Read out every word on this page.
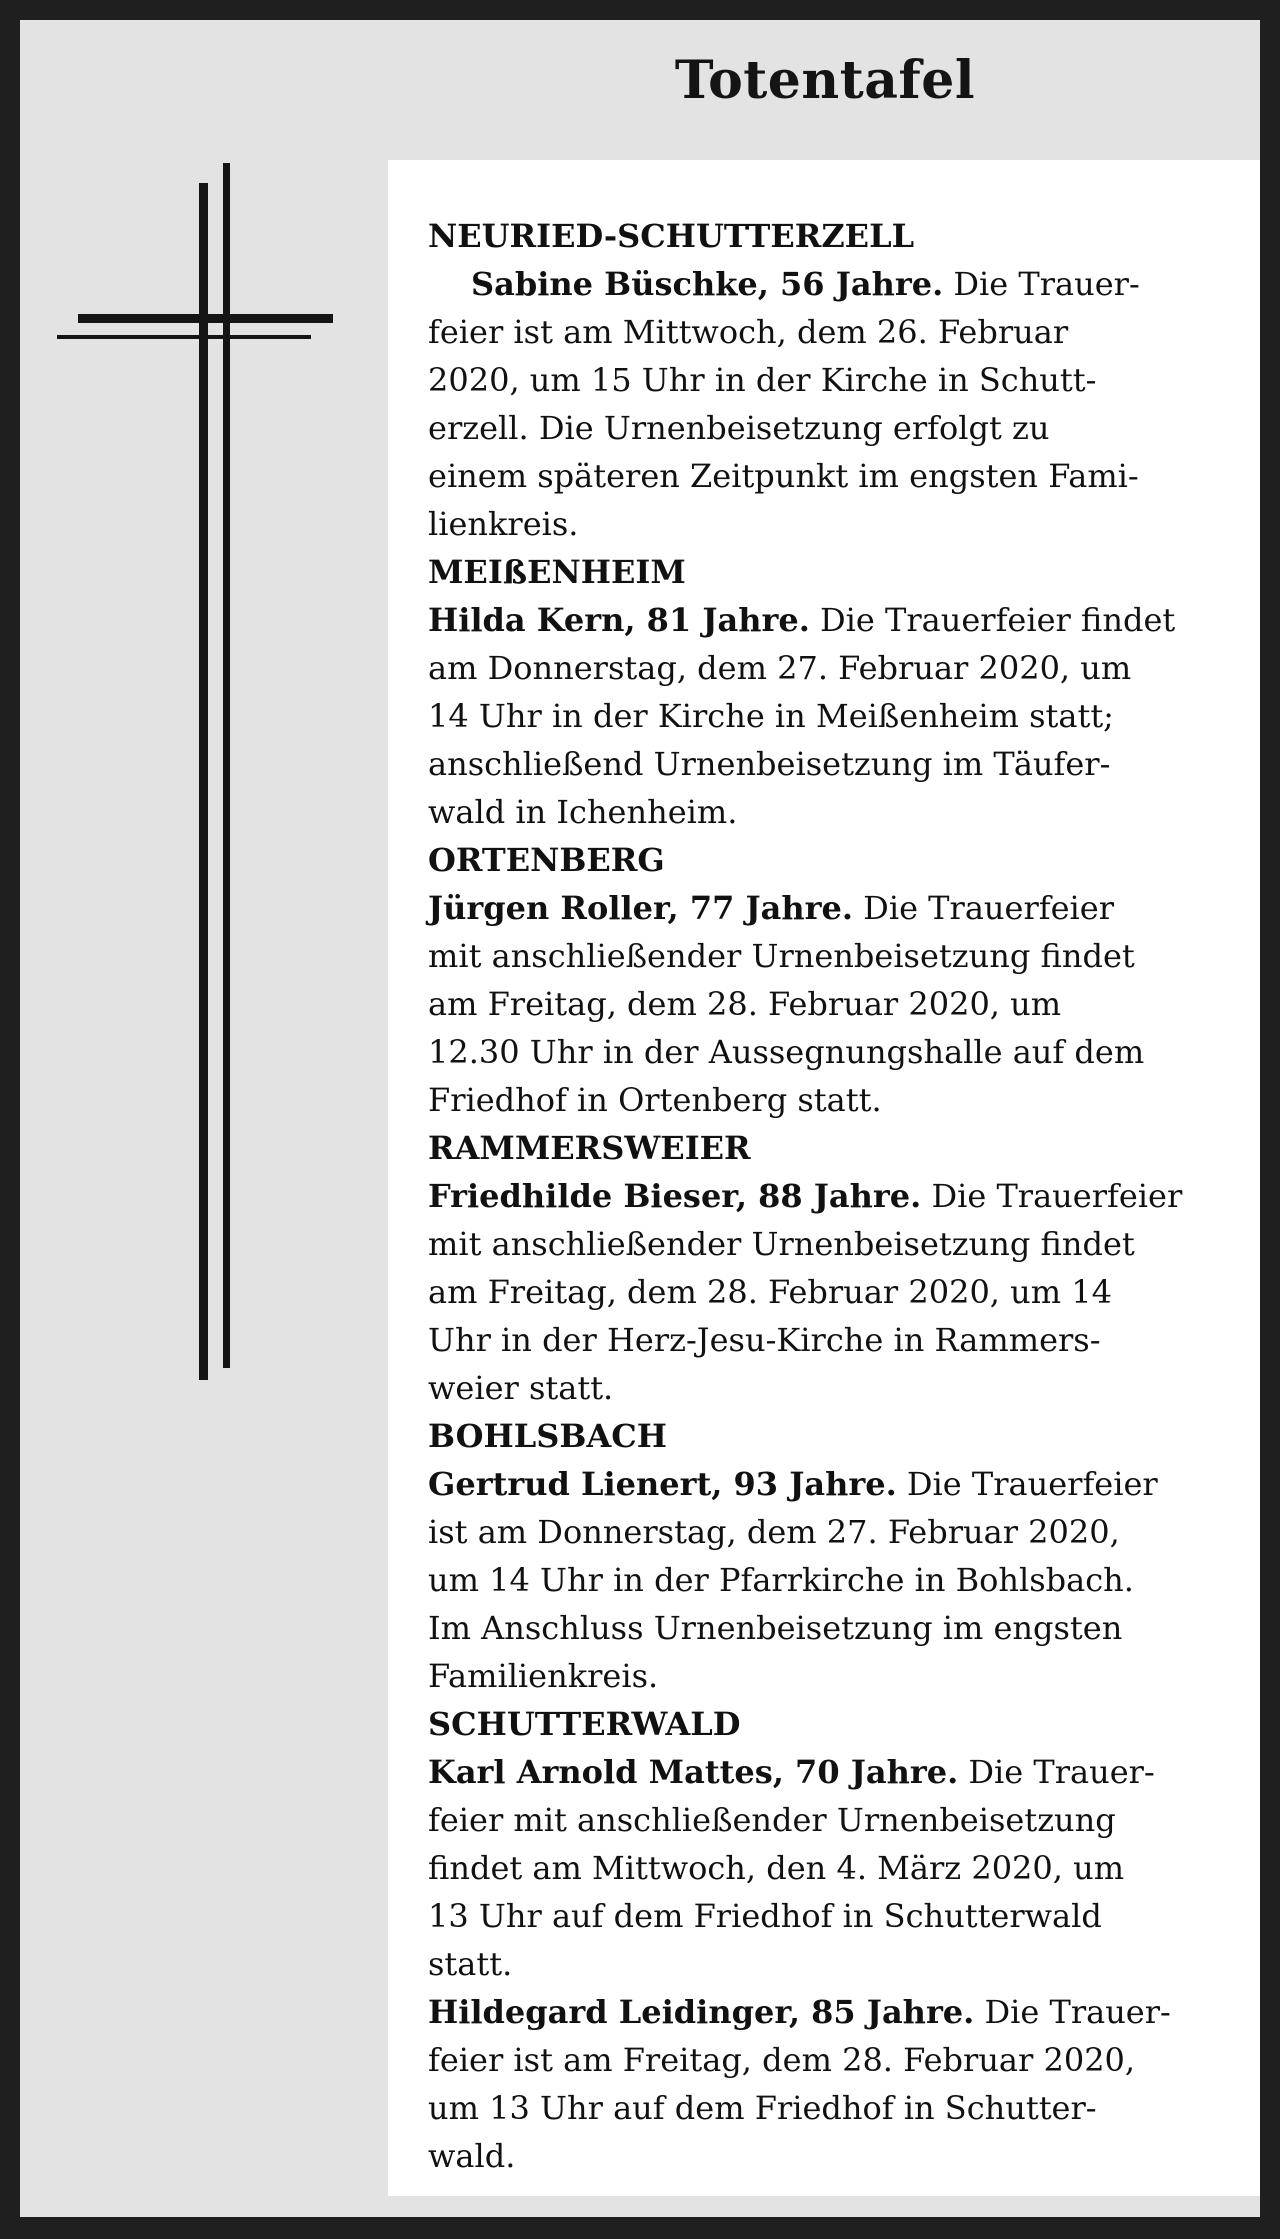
Totentafel
NEURIED-SCHUTTERZELL
Sabine Büschke, 56 Jahre. Die Trauer-
feier ist am Mittwoch, dem 26. Februar
2020, um 15 Uhr in der Kirche in Schutt-
erzell. Die Urnenbeisetzung erfolgt zu
einem späteren Zeitpunkt im engsten Fami-
lienkreis.
MEIßENHEIM
Hilda Kern, 81 Jahre. Die Trauerfeier findet
am Donnerstag, dem 27. Februar 2020, um
14 Uhr in der Kirche in Meißenheim statt;
anschließend Urnenbeisetzung im Täufer-
wald in Ichenheim.
ORTENBERG
Jürgen Roller, 77 Jahre. Die Trauerfeier
mit anschließender Urnenbeisetzung findet
am Freitag, dem 28. Februar 2020, um
12.30 Uhr in der Aussegnungshalle auf dem
Friedhof in Ortenberg statt.
RAMMERSWEIER
Friedhilde Bieser, 88 Jahre. Die Trauerfeier
mit anschließender Urnenbeisetzung findet
am Freitag, dem 28. Februar 2020, um 14
Uhr in der Herz-Jesu-Kirche in Rammers-
weier statt.
BOHLSBACH
Gertrud Lienert, 93 Jahre. Die Trauerfeier
ist am Donnerstag, dem 27. Februar 2020,
um 14 Uhr in der Pfarrkirche in Bohlsbach.
Im Anschluss Urnenbeisetzung im engsten
Familienkreis.
SCHUTTERWALD
Karl Arnold Mattes, 70 Jahre. Die Trauer-
feier mit anschließender Urnenbeisetzung
findet am Mittwoch, den 4. März 2020, um
13 Uhr auf dem Friedhof in Schutterwald
statt.
Hildegard Leidinger, 85 Jahre. Die Trauer-
feier ist am Freitag, dem 28. Februar 2020,
um 13 Uhr auf dem Friedhof in Schutter-
wald.
